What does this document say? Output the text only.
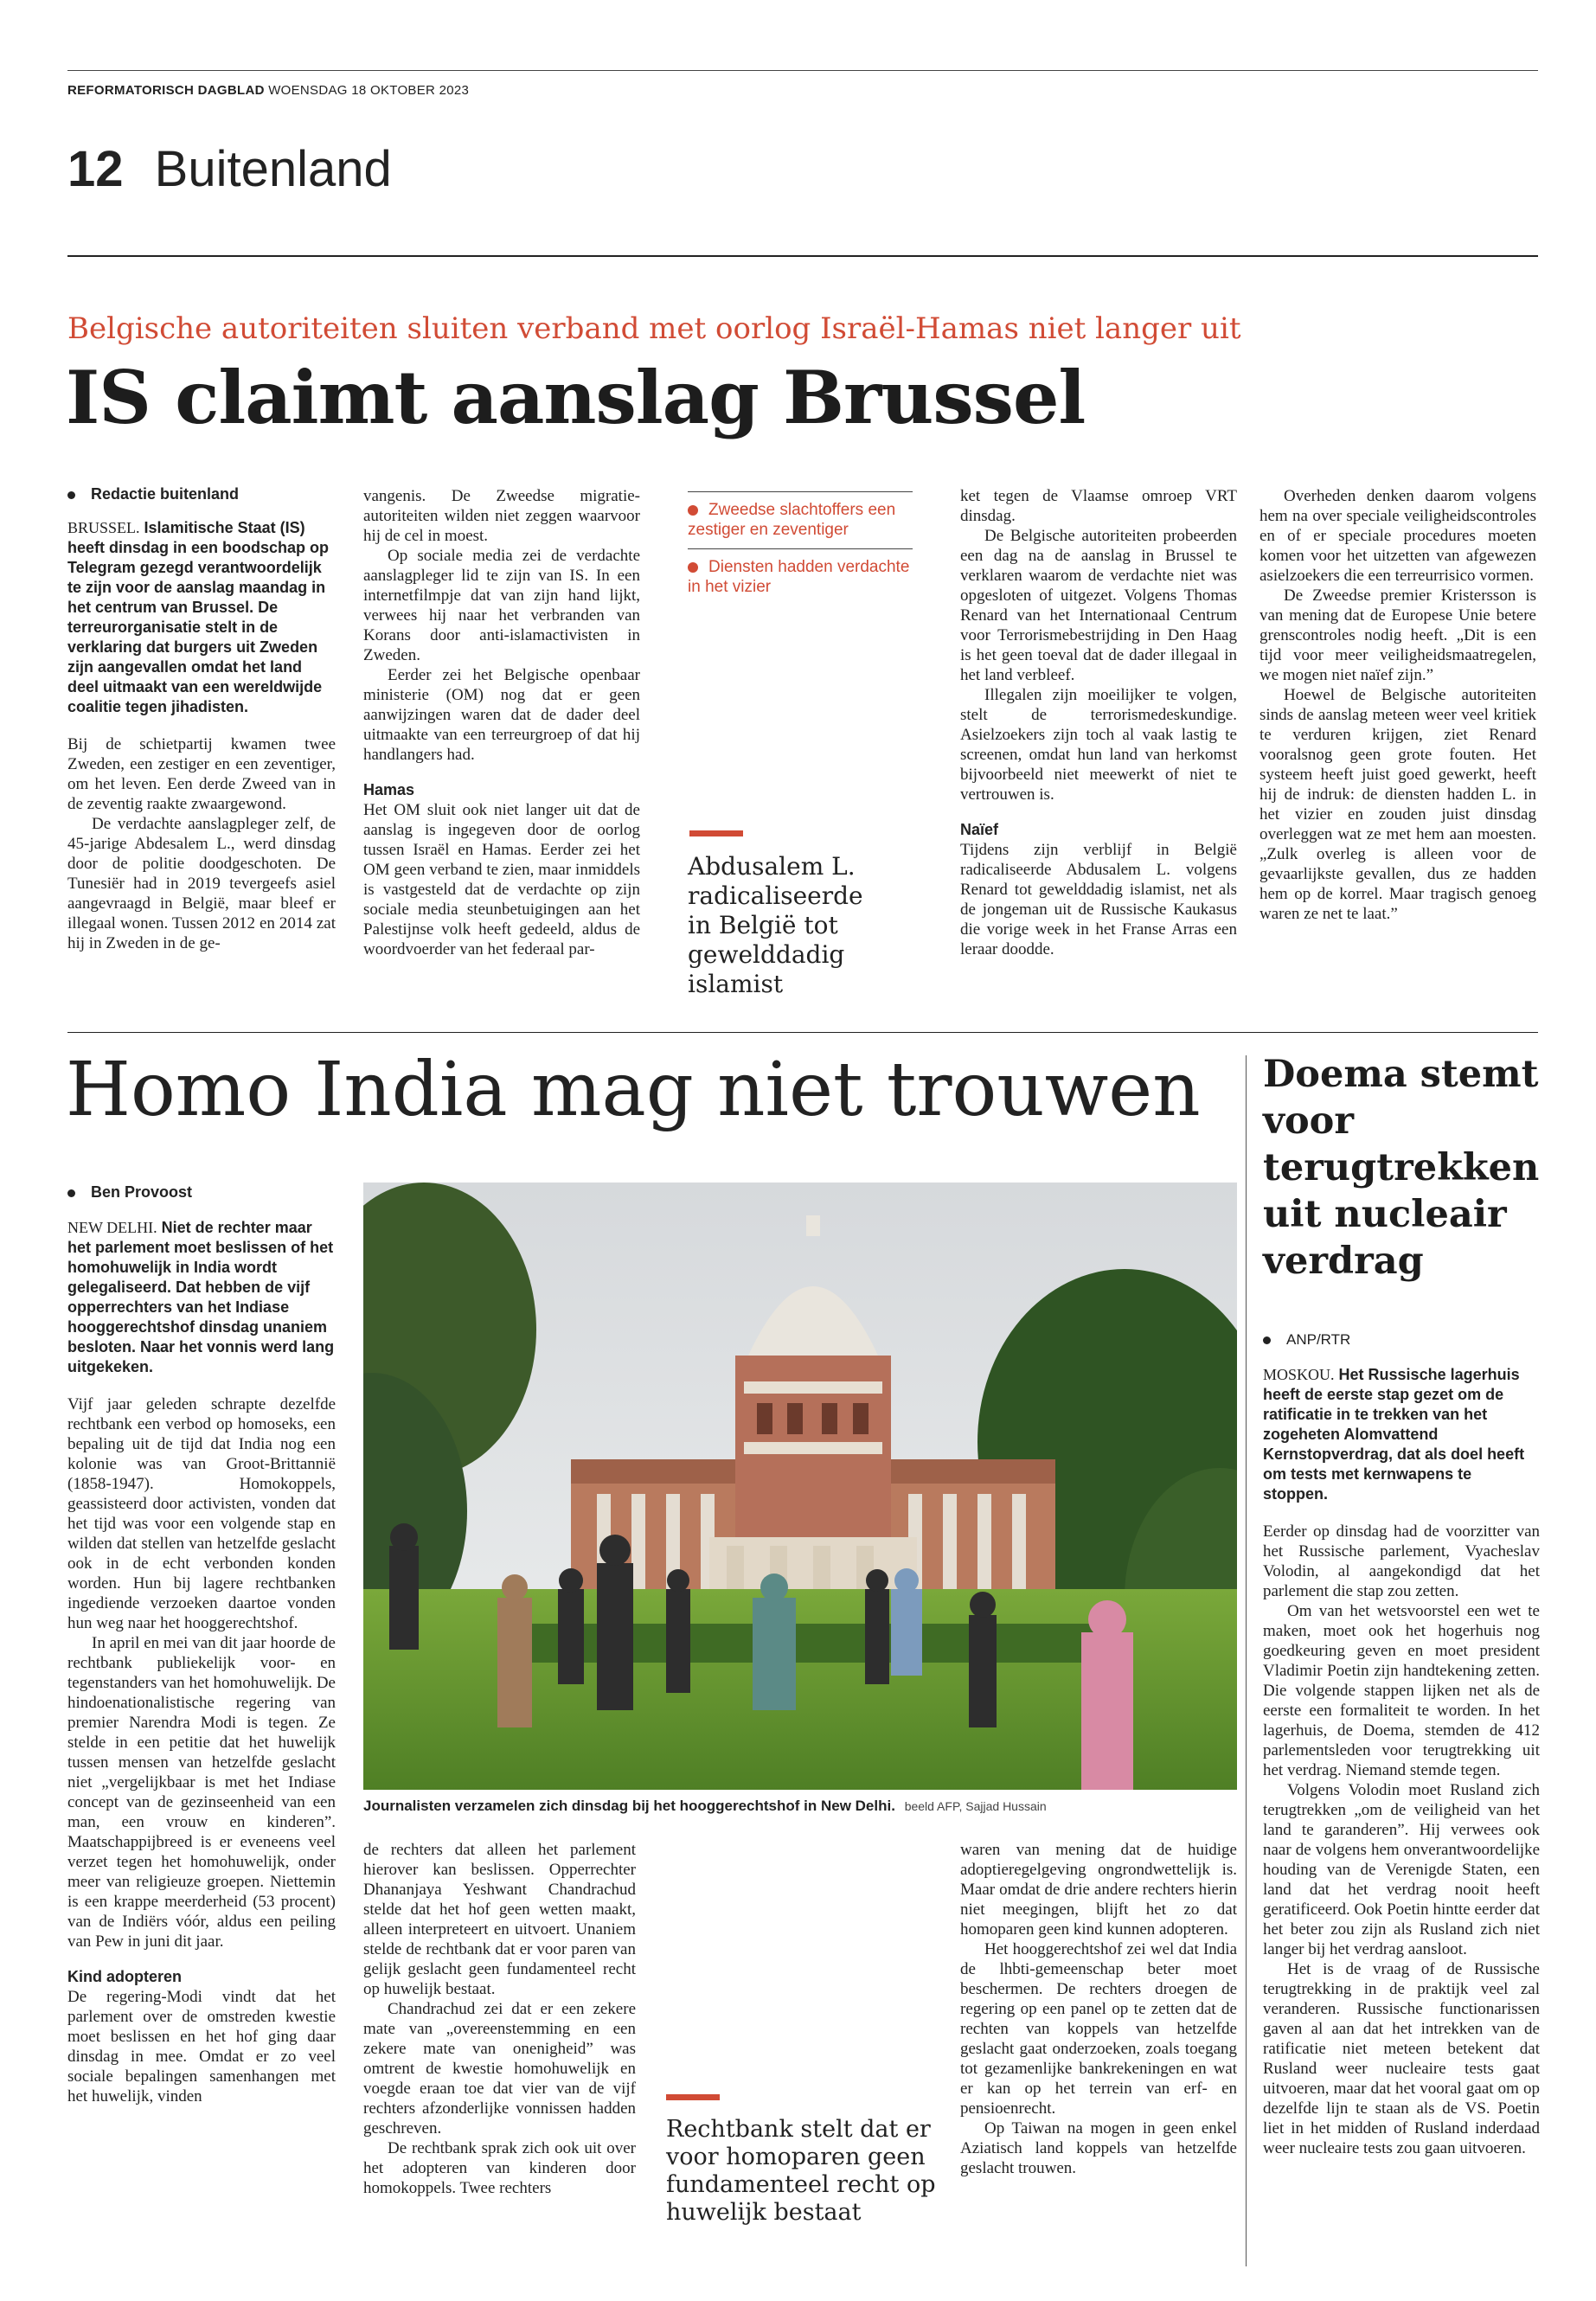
REFORMATORISCH DAGBLAD WOENSDAG 18 OKTOBER 2023
12 Buitenland
Belgische autoriteiten sluiten verband met oorlog Israël-Hamas niet langer uit
IS claimt aanslag Brussel
Redactie buitenland
BRUSSEL. Islamitische Staat (IS) heeft dinsdag in een boodschap op Telegram gezegd verantwoordelijk te zijn voor de aanslag maandag in het centrum van Brussel. De terreurorganisatie stelt in de verklaring dat burgers uit Zweden zijn aangevallen omdat het land deel uitmaakt van een wereldwijde coalitie tegen jihadisten.

Bij de schietpartij kwamen twee Zweden, een zestiger en een zeventiger, om het leven. Een derde Zweed van in de zeventig raakte zwaargewond.

De verdachte aanslagpleger zelf, de 45-jarige Abdesalem L., werd dinsdag door de politie doodgeschoten. De Tunesiër had in 2019 tevergeefs asiel aangevraagd in België, maar bleef er illegaal wonen. Tussen 2012 en 2014 zat hij in Zweden in de ge-

vangenis. De Zweedse migratie-autoriteiten wilden niet zeggen waarvoor hij de cel in moest.

Op sociale media zei de verdachte aanslagpleger lid te zijn van IS. In een internetfilmpje dat van zijn hand lijkt, verwees hij naar het verbranden van Korans door anti-islamactivisten in Zweden.

Eerder zei het Belgische openbaar ministerie (OM) nog dat er geen aanwijzingen waren dat de dader deel uitmaakte van een terreurgroep of dat hij handlangers had.

Hamas

Het OM sluit ook niet langer uit dat de aanslag is ingegeven door de oorlog tussen Israël en Hamas. Eerder zei het OM geen verband te zien, maar inmiddels is vastgesteld dat de verdachte op zijn sociale media steunbetuigingen aan het Palestijnse volk heeft gedeeld, aldus de woordvoerder van het federaal par-

Zweedse slachtoffers een zestiger en zeventiger
Diensten hadden verdachte in het vizier
Abdusalem L. radicaliseerde in België tot gewelddadig islamist

ket tegen de Vlaamse omroep VRT dinsdag.

De Belgische autoriteiten probeerden een dag na de aanslag in Brussel te verklaren waarom de verdachte niet was opgesloten of uitgezet. Volgens Thomas Renard van het Internationaal Centrum voor Terrorismebestrijding in Den Haag is het geen toeval dat de dader illegaal in het land verbleef.

Illegalen zijn moeilijker te volgen, stelt de terrorismedeskundige. Asielzoekers zijn toch al vaak lastig te screenen, omdat hun land van herkomst bijvoorbeeld niet meewerkt of niet te vertrouwen is.

Naïef

Tijdens zijn verblijf in België radicaliseerde Abdusalem L. volgens Renard tot gewelddadig islamist, net als de jongeman uit de Russische Kaukasus die vorige week in het Franse Arras een leraar doodde.

Overheden denken daarom volgens hem na over speciale veiligheidscontroles en of er speciale procedures moeten komen voor het uitzetten van afgewezen asielzoekers die een terreurrisico vormen.

De Zweedse premier Kristersson is van mening dat de Europese Unie betere grenscontroles nodig heeft. „Dit is een tijd voor meer veiligheidsmaatregelen, we mogen niet naïef zijn.”

Hoewel de Belgische autoriteiten sinds de aanslag meteen weer veel kritiek te verduren krijgen, ziet Renard vooralsnog geen grote fouten. Het systeem heeft juist goed gewerkt, heeft hij de indruk: de diensten hadden L. in het vizier en zouden juist dinsdag overleggen wat ze met hem aan moesten. „Zulk overleg is alleen voor de gevaarlijkste gevallen, dus ze hadden hem op de korrel. Maar tragisch genoeg waren ze net te laat.”

Homo India mag niet trouwen
Ben Provoost
NEW DELHI. Niet de rechter maar het parlement moet beslissen of het homohuwelijk in India wordt gelegaliseerd. Dat hebben de vijf opperrechters van het Indiase hooggerechtshof dinsdag unaniem besloten. Naar het vonnis werd lang uitgekeken.

Vijf jaar geleden schrapte dezelfde rechtbank een verbod op homoseks, een bepaling uit de tijd dat India nog een kolonie was van Groot-Brittannië (1858-1947). Homokoppels, geassisteerd door activisten, vonden dat het tijd was voor een volgende stap en wilden dat stellen van hetzelfde geslacht ook in de echt verbonden konden worden. Hun bij lagere rechtbanken ingediende verzoeken daartoe vonden hun weg naar het hooggerechtshof.

In april en mei van dit jaar hoorde de rechtbank publiekelijk voor- en tegenstanders van het homohuwelijk. De hindoenationalistische regering van premier Narendra Modi is tegen. Ze stelde in een petitie dat het huwelijk tussen mensen van hetzelfde geslacht niet „vergelijkbaar is met het Indiase concept van de gezinseenheid van een man, een vrouw en kinderen”. Maatschappijbreed is er eveneens veel verzet tegen het homohuwelijk, onder meer van religieuze groepen. Niettemin is een krappe meerderheid (53 procent) van de Indiërs vóór, aldus een peiling van Pew in juni dit jaar.

Kind adopteren

De regering-Modi vindt dat het parlement over de omstreden kwestie moet beslissen en het hof ging daar dinsdag in mee. Omdat er zo veel sociale bepalingen samenhangen met het huwelijk, vinden

Journalisten verzamelen zich dinsdag bij het hooggerechtshof in New Delhi. beeld AFP, Sajjad Hussain

de rechters dat alleen het parlement hierover kan beslissen. Opperrechter Dhananjaya Yeshwant Chandrachud stelde dat het hof geen wetten maakt, alleen interpreteert en uitvoert. Unaniem stelde de rechtbank dat er voor paren van gelijk geslacht geen fundamenteel recht op huwelijk bestaat.

Chandrachud zei dat er een zekere mate van „overeenstemming en een zekere mate van onenigheid” was omtrent de kwestie homohuwelijk en voegde eraan toe dat vier van de vijf rechters afzonderlijke vonnissen hadden geschreven.

De rechtbank sprak zich ook uit over het adopteren van kinderen door homokoppels. Twee rechters

Rechtbank stelt dat er voor homoparen geen fundamenteel recht op huwelijk bestaat

waren van mening dat de huidige adoptieregelgeving ongrondwettelijk is. Maar omdat de drie andere rechters hierin niet meegingen, blijft het zo dat homoparen geen kind kunnen adopteren.

Het hooggerechtshof zei wel dat India de lhbti-gemeenschap beter moet beschermen. De rechters droegen de regering op een panel op te zetten dat de rechten van koppels van hetzelfde geslacht gaat onderzoeken, zoals toegang tot gezamenlijke bankrekeningen en wat er kan op het terrein van erf- en pensioenrecht.

Op Taiwan na mogen in geen enkel Aziatisch land koppels van hetzelfde geslacht trouwen.

Doema stemt voor terugtrekken uit nucleair verdrag
ANP/RTR
MOSKOU. Het Russische lagerhuis heeft de eerste stap gezet om de ratificatie in te trekken van het zogeheten Alomvattend Kernstopverdrag, dat als doel heeft om tests met kernwapens te stoppen.

Eerder op dinsdag had de voorzitter van het Russische parlement, Vyacheslav Volodin, al aangekondigd dat het parlement die stap zou zetten.

Om van het wetsvoorstel een wet te maken, moet ook het hogerhuis nog goedkeuring geven en moet president Vladimir Poetin zijn handtekening zetten. Die volgende stappen lijken net als de eerste een formaliteit te worden. In het lagerhuis, de Doema, stemden de 412 parlementsleden voor terugtrekking uit het verdrag. Niemand stemde tegen.

Volgens Volodin moet Rusland zich terugtrekken „om de veiligheid van het land te garanderen”. Hij verwees ook naar de volgens hem onverantwoordelijke houding van de Verenigde Staten, een land dat het verdrag nooit heeft geratificeerd. Ook Poetin hintte eerder dat het beter zou zijn als Rusland zich niet langer bij het verdrag aansloot.

Het is de vraag of de Russische terugtrekking in de praktijk veel zal veranderen. Russische functionarissen gaven al aan dat het intrekken van de ratificatie niet meteen betekent dat Rusland weer nucleaire tests gaat uitvoeren, maar dat het vooral gaat om op dezelfde lijn te staan als de VS. Poetin liet in het midden of Rusland inderdaad weer nucleaire tests zou gaan uitvoeren.
